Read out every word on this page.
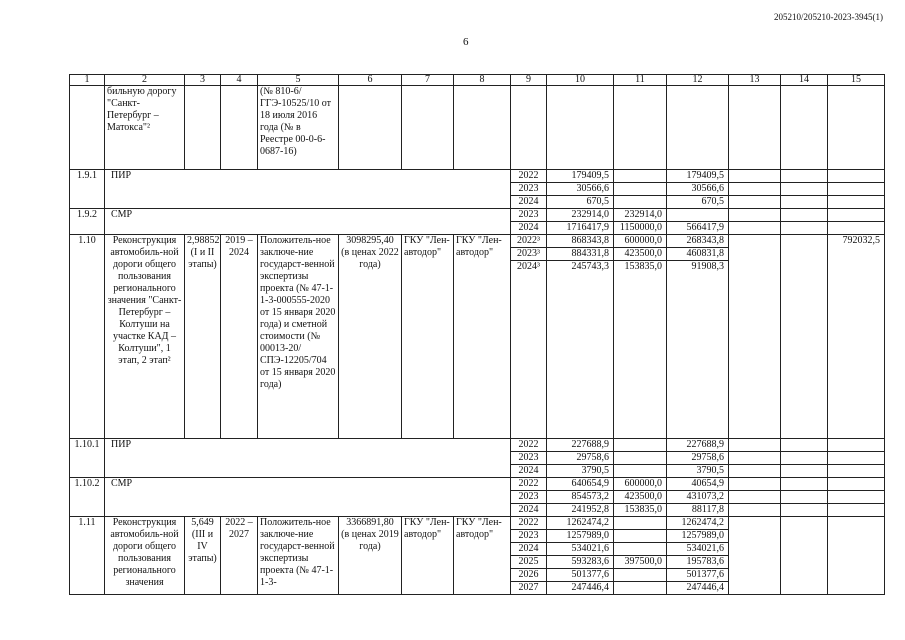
205210/205210-2023-3945(1)
6
1	2	3	4	5	6	7	8	9	10	11	12	13	14	15
	бильную дорогу "Санкт-Петербург – Матокса"²			(№ 810-6/ГГЭ-10525/10 от 18 июля 2016 года (№ в Реестре 00-0-6-0687-16)										
1.9.1	ПИР							2022	179409,5		179409,5			
								2023	30566,6		30566,6			
								2024	670,5		670,5			
1.9.2	СМР							2023	232914,0	232914,0				
								2024	1716417,9	1150000,0	566417,9			
1.10	Реконструкция автомобиль-ной дороги общего пользования регионального значения "Санкт-Петербург – Колтуши на участке КАД – Колтуши", 1 этап, 2 этап²	2,98852 (I и II этапы)	2019 – 2024	Положитель-ное заключе-ние государст-венной экспертизы проекта (№ 47-1-1-3-000555-2020 от 15 января 2020 года) и сметной стоимости (№ 00013-20/СПЭ-12205/704 от 15 января 2020 года)	3098295,40 (в ценах 2022 года)	ГКУ "Лен-автодор"	ГКУ "Лен-автодор"	2022³	868343,8	600000,0	268343,8			792032,5
								2023³	884331,8	423500,0	460831,8			
								2024³	245743,3	153835,0	91908,3			
1.10.1	ПИР							2022	227688,9		227688,9			
								2023	29758,6		29758,6			
								2024	3790,5		3790,5			
1.10.2	СМР							2022	640654,9	600000,0	40654,9			
								2023	854573,2	423500,0	431073,2			
								2024	241952,8	153835,0	88117,8			
1.11	Реконструкция автомобиль-ной дороги общего пользования регионального значения	5,649 (III и IV этапы)	2022 – 2027	Положитель-ное заключе-ние государст-венной экспертизы проекта (№ 47-1-1-3-	3366891,80 (в ценах 2019 года)	ГКУ "Лен-автодор"	ГКУ "Лен-автодор"	2022	1262474,2		1262474,2			
								2023	1257989,0		1257989,0			
								2024	534021,6		534021,6			
								2025	593283,6	397500,0	195783,6			
								2026	501377,6		501377,6			
								2027	247446,4		247446,4			
